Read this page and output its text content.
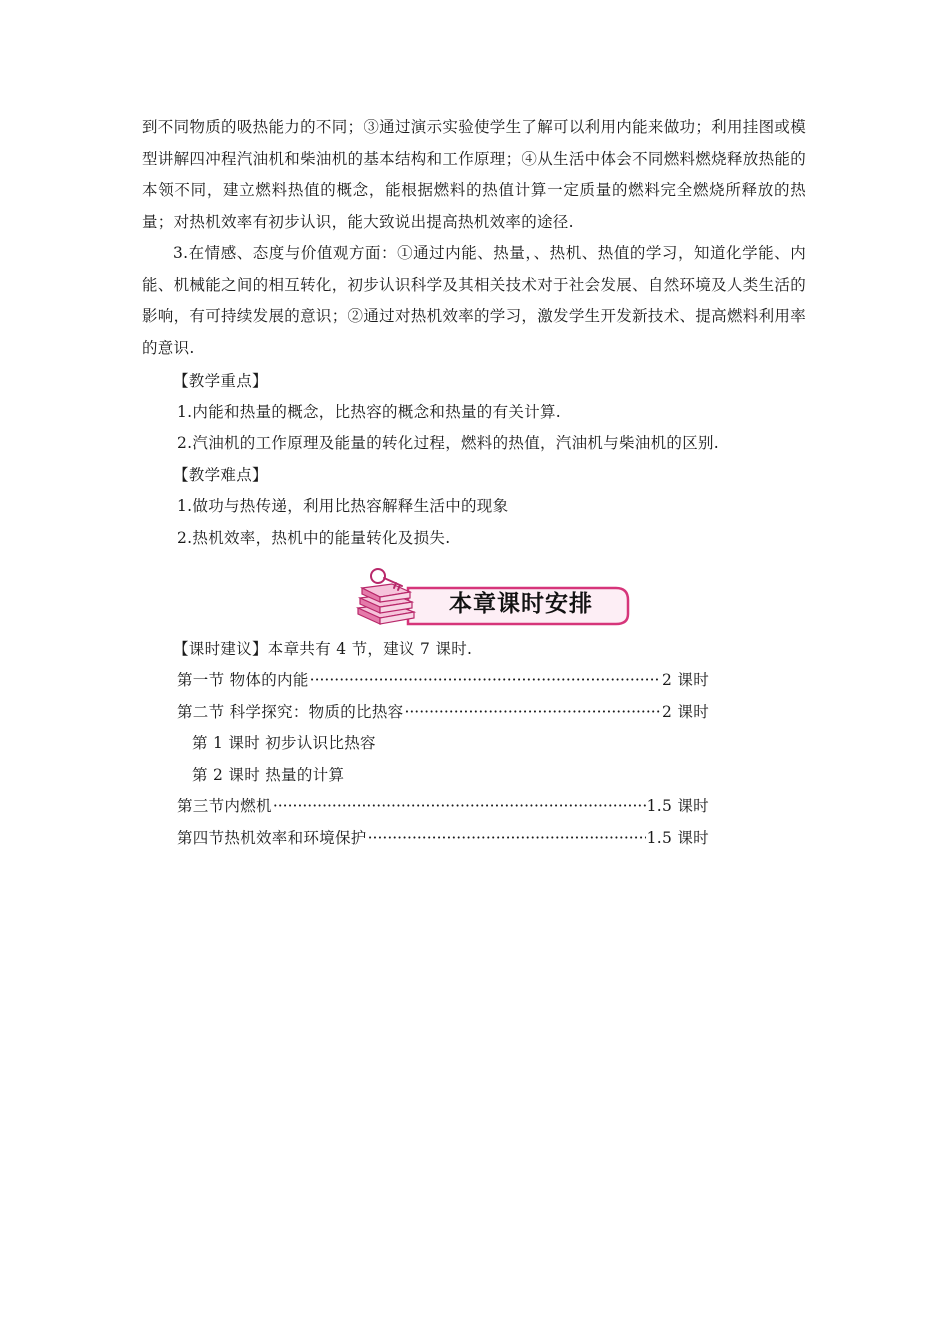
到不同物质的吸热能力的不同；③通过演示实验使学生了解可以利用内能来做功；利用挂图或模型讲解四冲程汽油机和柴油机的基本结构和工作原理；④从生活中体会不同燃料燃烧释放热能的本领不同，建立燃料热值的概念，能根据燃料的热值计算一定质量的燃料完全燃烧所释放的热量；对热机效率有初步认识，能大致说出提高热机效率的途径.

3.在情感、态度与价值观方面：①通过内能、热量，、热机、热值的学习，知道化学能、内能、机械能之间的相互转化，初步认识科学及其相关技术对于社会发展、自然环境及人类生活的影响，有可持续发展的意识；②通过对热机效率的学习，激发学生开发新技术、提高燃料利用率的意识.

【教学重点】
1.内能和热量的概念，比热容的概念和热量的有关计算.
2.汽油机的工作原理及能量的转化过程，燃料的热值，汽油机与柴油机的区别.
【教学难点】
1.做功与热传递，利用比热容解释生活中的现象
2.热机效率，热机中的能量转化及损失.
本章课时安排
【课时建议】本章共有 4 节，建议 7 课时.
第一节 物体的内能 ·····	2 课时
第二节 科学探究：物质的比热容 ·····	2 课时
第 1 课时 初步认识比热容
第 2 课时 热量的计算
第三节内燃机 ·····	1.5 课时
第四节热机效率和环境保护 ·····	1.5 课时
